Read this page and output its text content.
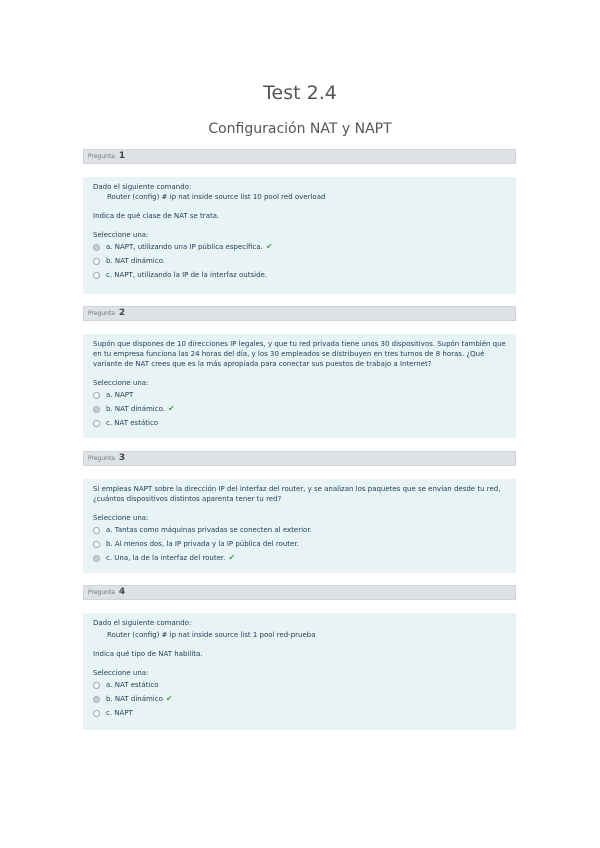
Test 2.4
Configuración NAT y NAPT
Pregunta 1

Dado el siguiente comando:

Router (config) # ip nat inside source list 10 pool red overload

Indica de qué clase de NAT se trata.

Seleccione una:

a. NAPT, utilizando una IP pública específica. ✔
b. NAT dinámico.
c. NAPT, utilizando la IP de la interfaz outside.
Pregunta 2

Supón que dispones de 10 direcciones IP legales, y que tu red privada tiene unos 30 dispositivos. Supón también que en tu empresa funciona las 24 horas del día, y los 30 empleados se distribuyen en tres turnos de 8 horas. ¿Qué variante de NAT crees que es la más apropiada para conectar sus puestos de trabajo a Internet?

Seleccione una:

a. NAPT
b. NAT dinámico. ✔
c. NAT estático
Pregunta 3

Si empleas NAPT sobre la dirección IP del interfaz del router, y se analizan los paquetes que se envían desde tu red, ¿cuántos dispositivos distintos aparenta tener tu red?

Seleccione una:

a. Tantas como máquinas privadas se conecten al exterior.
b. Al menos dos, la IP privada y la IP pública del router.
c. Una, la de la interfaz del router. ✔
Pregunta 4

Dado el siguiente comando:

Router (config) # ip nat inside source list 1 pool red-prueba

Indica qué tipo de NAT habilita.

Seleccione una:

a. NAT estático
b. NAT dinámico ✔
c. NAPT
